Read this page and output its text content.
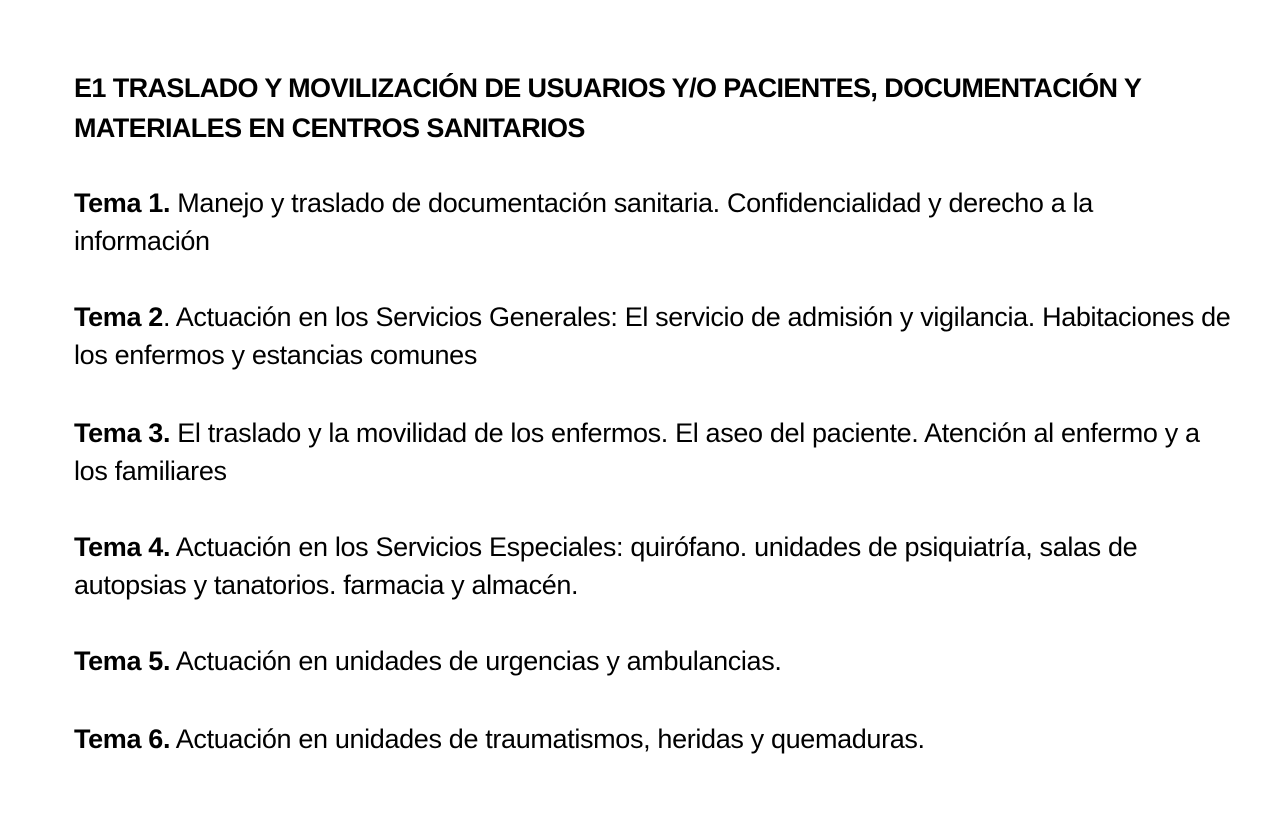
E1 TRASLADO Y MOVILIZACIÓN DE USUARIOS Y/O PACIENTES, DOCUMENTACIÓN Y MATERIALES EN CENTROS SANITARIOS

Tema 1. Manejo y traslado de documentación sanitaria. Confidencialidad y derecho a la información

Tema 2. Actuación en los Servicios Generales: El servicio de admisión y vigilancia. Habitaciones de los enfermos y estancias comunes

Tema 3. El traslado y la movilidad de los enfermos. El aseo del paciente. Atención al enfermo y a los familiares

Tema 4. Actuación en los Servicios Especiales: quirófano. unidades de psiquiatría, salas de autopsias y tanatorios. farmacia y almacén.

Tema 5. Actuación en unidades de urgencias y ambulancias.

Tema 6. Actuación en unidades de traumatismos, heridas y quemaduras.
